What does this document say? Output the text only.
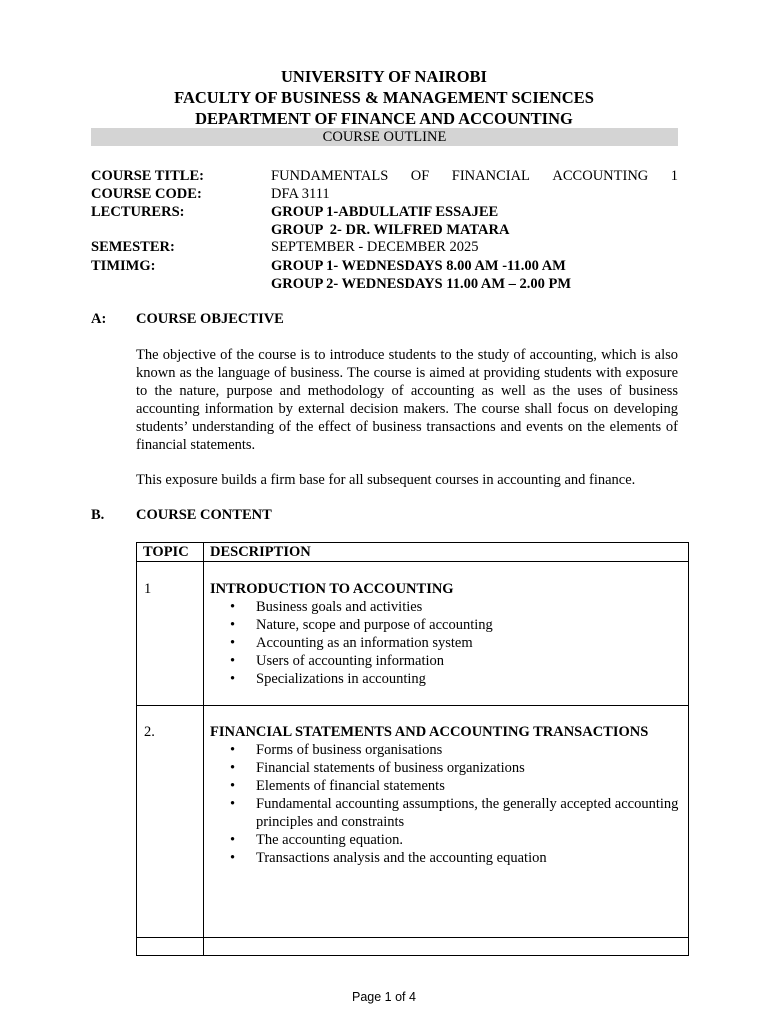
UNIVERSITY OF NAIROBI
FACULTY OF BUSINESS & MANAGEMENT SCIENCES
DEPARTMENT OF FINANCE AND ACCOUNTING
COURSE OUTLINE
COURSE TITLE:	FUNDAMENTALS OF FINANCIAL ACCOUNTING 1
COURSE CODE:	DFA 3111
LECTURERS:	GROUP 1-ABDULLATIF ESSAJEE
GROUP  2- DR. WILFRED MATARA
SEMESTER:	SEPTEMBER - DECEMBER 2025
TIMIMG:	GROUP 1- WEDNESDAYS 8.00 AM -11.00 AM
GROUP 2- WEDNESDAYS 11.00 AM – 2.00 PM
A: COURSE OBJECTIVE

The objective of the course is to introduce students to the study of accounting, which is also known as the language of business. The course is aimed at providing students with exposure to the nature, purpose and methodology of accounting as well as the uses of business accounting information by external decision makers. The course shall focus on developing students’ understanding of the effect of business transactions and events on the elements of financial statements.

This exposure builds a firm base for all subsequent courses in accounting and finance.

B. COURSE CONTENT
TOPIC DESCRIPTION
1	INTRODUCTION TO ACCOUNTING
• Business goals and activities
• Nature, scope and purpose of accounting
• Accounting as an information system
• Users of accounting information
• Specializations in accounting
2.	FINANCIAL STATEMENTS AND ACCOUNTING TRANSACTIONS
• Forms of business organisations
• Financial statements of business organizations
• Elements of financial statements
• Fundamental accounting assumptions, the generally accepted accounting principles and constraints
• The accounting equation.
• Transactions analysis and the accounting equation
Page 1 of 4
